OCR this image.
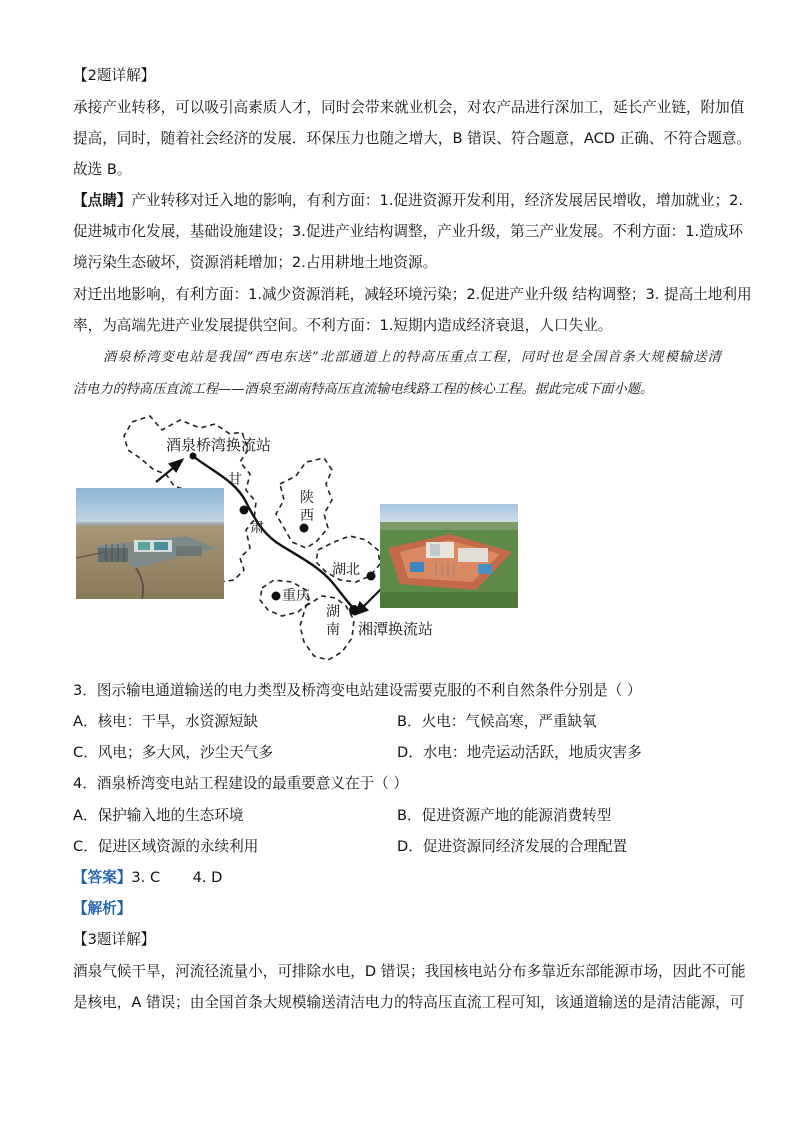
【2题详解】
承接产业转移，可以吸引高素质人才，同时会带来就业机会，对农产品进行深加工，延长产业链，附加值
提高，同时，随着社会经济的发展．环保压力也随之增大，B 错误、符合题意，ACD 正确、不符合题意。
故选 B。
【点睛】产业转移对迁入地的影响，有利方面：1.促进资源开发利用，经济发展居民增收，增加就业；2.
促进城市化发展，基础设施建设；3.促进产业结构调整，产业升级，第三产业发展。不利方面：1.造成环
境污染生态破坏，资源消耗增加；2.占用耕地土地资源。
对迁出地影响，有利方面：1.减少资源消耗，减轻环境污染；2.促进产业升级 结构调整；3. 提高土地利用
率，为高端先进产业发展提供空间。不利方面：1.短期内造成经济衰退，人口失业。
酒泉桥湾变电站是我国“西电东送”北部通道上的特高压重点工程，同时也是全国首条大规模输送清
洁电力的特高压直流工程——酒泉至湖南特高压直流输电线路工程的核心工程。据此完成下面小题。
酒泉桥湾换流站
甘
肃
陕
西
湖北
重庆
湖
南 湘潭换流站
3．图示输电通道输送的电力类型及桥湾变电站建设需要克服的不利自然条件分别是（ ）
A．核电：干旱，水资源短缺	B．火电：气候高寒，严重缺氧
C．风电；多大风，沙尘天气多	D．水电：地壳运动活跃，地质灾害多
4．酒泉桥湾变电站工程建设的最重要意义在于（ ）
A．保护输入地的生态环境	B．促进资源产地的能源消费转型
C．促进区域资源的永续利用	D．促进资源同经济发展的合理配置
【答案】3. C       4. D
【解析】
【3题详解】
酒泉气候干旱，河流径流量小，可排除水电，D 错误；我国核电站分布多靠近东部能源市场，因此不可能
是核电，A 错误；由全国首条大规模输送清洁电力的特高压直流工程可知，该通道输送的是清洁能源，可
